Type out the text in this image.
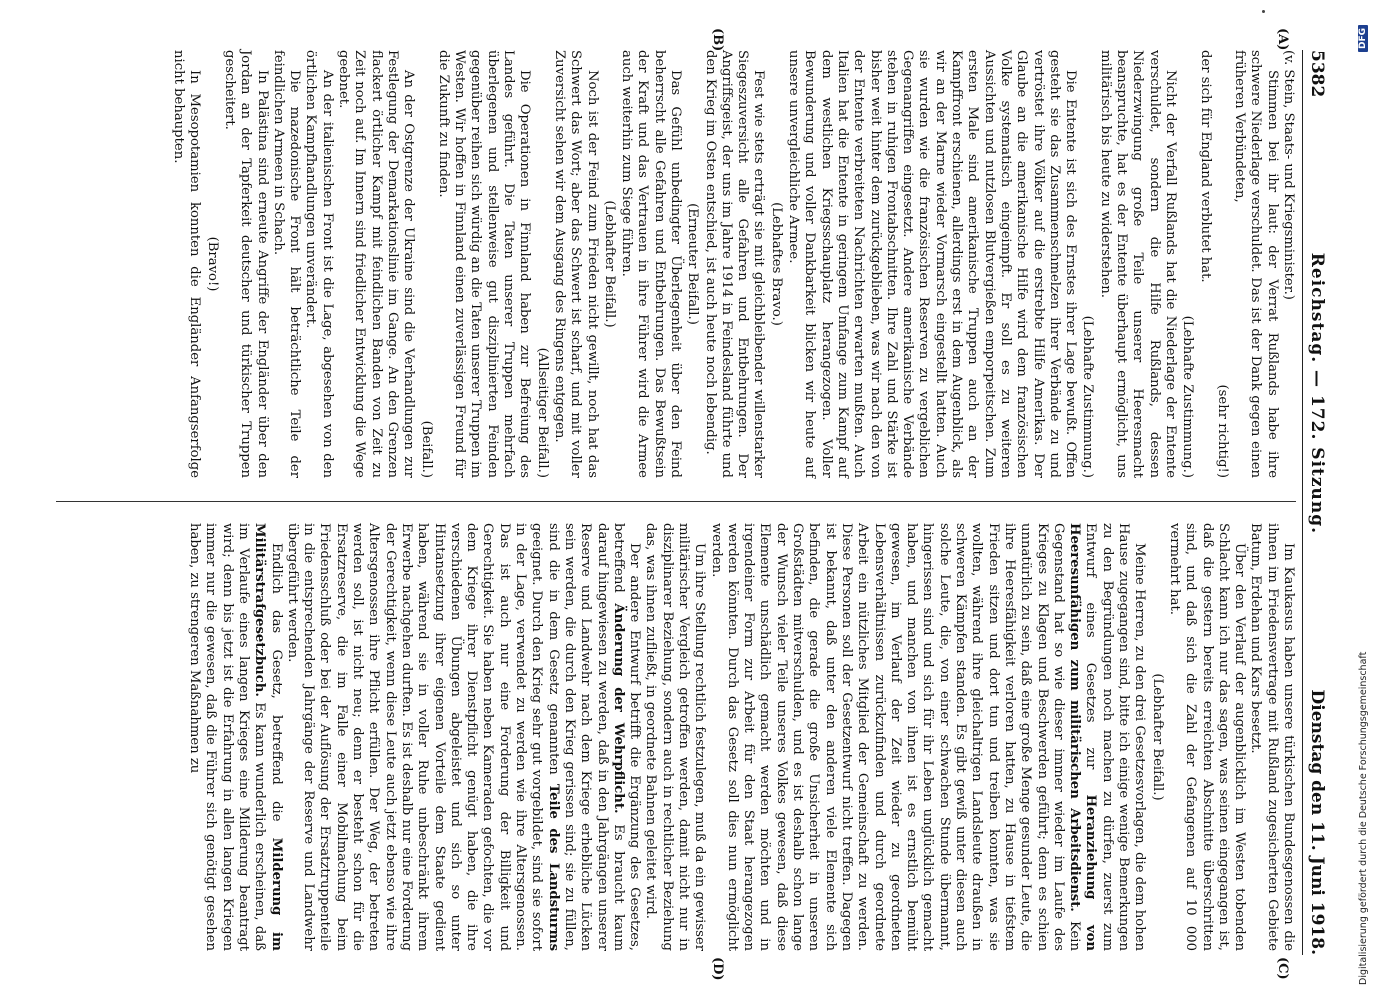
5382
Reichstag. — 172. Sitzung.
Dienstag den 11. Juni 1918.
(A)
(B)
(C)
(D)

(v. Stein, Staats- und Kriegsminister.)

Stimmen bei ihr laut: der Verrat Rußlands habe ihre schwere Niederlage verschuldet. Das ist der Dank gegen einen früheren Verbündeten,

(sehr richtig!)

der sich für England verblutet hat.

(Lebhafte Zustimmung.)

Nicht der Verfall Rußlands hat die Niederlage der Entente verschuldet, sondern die Hilfe Rußlands, dessen Niederzwingung große Teile unserer Heeresmacht beanspruchte, hat es der Entente überhaupt ermöglicht, uns militärisch bis heute zu widerstehen.

(Lebhafte Zustimmung.)

Die Entente ist sich des Ernstes ihrer Lage bewußt. Offen gesteht sie das Zusammenschmelzen ihrer Verbände zu und vertröstet ihre Völker auf die erstrebte Hilfe Amerikas. Der Glaube an die amerikanische Hilfe wird dem französischen Volke systematisch eingeimpft. Er soll es zu weiteren Aussichten und nutzlosen Blutvergießen emporpeitschen. Zum ersten Male sind amerikanische Truppen auch an der Kampffront erschienen, allerdings erst in dem Augenblick, als wir an der Marne wieder Vormarsch eingestellt hatten. Auch sie wurden wie die französischen Reserven zu vergeblichen Gegenangriffen eingesetzt. Andere amerikanische Verbände stehen in ruhigen Frontabschnitten. Ihre Zahl und Stärke ist bisher weit hinter dem zurückgeblieben, was wir nach den von der Entente verbreiteten Nachrichten erwarten mußten. Auch Italien hat die Entente in geringem Umfange zum Kampf auf dem westlichen Kriegsschauplatz herangezogen. Voller Bewunderung und voller Dankbarkeit blicken wir heute auf unsere unvergleichliche Armee.

(Lebhaftes Bravo.)

Fest wie stets erträgt sie mit gleichbleibender willenstarker Siegeszuversicht alle Gefahren und Entbehrungen. Der Angriffsgeist, der uns im Jahre 1914 in Feindesland führte und den Krieg im Osten entschied, ist auch heute noch lebendig.

(Erneuter Beifall.)

Das Gefühl unbedingter Überlegenheit über den Feind beherrscht alle Gefahren und Entbehrungen. Das Bewußtsein der Kraft und das Vertrauen in ihre Führer wird die Armee auch weiterhin zum Siege führen.

(Lebhafter Beifall.)

Noch ist der Feind zum Frieden nicht gewillt, noch hat das Schwert das Wort; aber das Schwert ist scharf, und mit voller Zuversicht sehen wir dem Ausgang des Ringens entgegen.

(Allseitiger Beifall.)

Die Operationen in Finnland haben zur Befreiung des Landes geführt. Die Taten unserer Truppen mehrfach überlegenen und stellenweise gut disziplinierten Feinden gegenüber reihen sich würdig an die Taten unserer Truppen im Westen. Wir hoffen in Finnland einen zuverlässigen Freund für die Zukunft zu finden.

(Beifall.)

An der Ostgrenze der Ukraine sind die Verhandlungen zur Festlegung der Demarkationslinie im Gange. An den Grenzen flackert örtlicher Kampf mit feindlichen Banden von Zeit zu Zeit noch auf. Im Innern sind friedlicher Entwicklung die Wege geebnet.

An der italienischen Front ist die Lage, abgesehen von den örtlichen Kampfhandlungen unverändert.

Die mazedonische Front hält beträchtliche Teile der feindlichen Armeen in Schach.

In Palästina sind erneute Angriffe der Engländer über den Jordan an der Tapferkeit deutscher und türkischer Truppen gescheitert.

(Bravo!)

In Mesopotamien konnten die Engländer Anfangserfolge nicht behaupten.

Im Kaukasus haben unsere türkischen Bundesgenossen die ihnen im Friedensvertrage mit Rußland zugesicherten Gebiete Batum, Erdehan und Kars besetzt.

Über den Verlauf der augenblicklich im Westen tobenden Schlacht kann ich nur das sagen, was seinen eingegangen ist, daß die gestern bereits erreichten Abschnitte überschritten sind, und daß sich die Zahl der Gefangenen auf 10 000 vermehrt hat.

(Lebhafter Beifall.)

Meine Herren, zu den drei Gesetzesvorlagen, die dem hohen Hause zugegangen sind, bitte ich einige wenige Bemerkungen zu den Begründungen noch machen zu dürfen, zuerst zum Entwurf eines Gesetzes zur Heranziehung von Heeresunfähigen zum militärischen Arbeitsdienst. Kein Gegenstand hat so wie dieser immer wieder im Laufe des Krieges zu Klagen und Beschwerden geführt; denn es schien unnatürlich zu sein, daß eine große Menge gesunder Leute, die ihre Heeresfähigkeit verloren hatten, zu Hause in tiefstem Frieden sitzen und dort tun und treiben konnten, was sie wollten, während ihre gleichaltrigen Landsleute draußen in schweren Kämpfen standen. Es gibt gewiß unter diesen auch solche Leute, die, von einer schwachen Stunde übermannt, hingerissen sind und sich für ihr Leben unglücklich gemacht haben, und manchen von ihnen ist es ernstlich bemüht gewesen, im Verlauf der Zeit wieder zu geordneten Lebensverhältnissen zurückzufinden und durch geordnete Arbeit ein nützliches Mitglied der Gemeinschaft zu werden. Diese Personen soll der Gesetzentwurf nicht treffen. Dagegen ist bekannt, daß unter den anderen viele Elemente sich befinden, die gerade die große Unsicherheit in unseren Großstädten mitverschulden, und es ist deshalb schon lange der Wunsch vieler Teile unseres Volkes gewesen, daß diese Elemente unschädlich gemacht werden möchten und in irgendeiner Form zur Arbeit für den Staat herangezogen werden könnten. Durch das Gesetz soll dies nun ermöglicht werden.

Um ihre Stellung rechtlich festzulegen, muß da ein gewisser militärischer Vergleich getroffen werden, damit nicht nur in disziplinarer Beziehung, sondern auch in rechtlicher Beziehung das, was ihnen zufließt, in geordnete Bahnen geleitet wird.

Der andere Entwurf betrifft die Ergänzung des Gesetzes, betreffend Änderung der Wehrpflicht. Es braucht kaum darauf hingewiesen zu werden, daß in den Jahrgängen unserer Reserve und Landwehr nach dem Kriege erhebliche Lücken sein werden, die durch den Krieg gerissen sind; sie zu füllen, sind die in dem Gesetz genannten Teile des Landsturms geeignet. Durch den Krieg sehr gut vorgebildet, sind sie sofort in der Lage, verwendet zu werden wie ihre Altersgenossen. Das ist auch nur eine Forderung der Billigkeit und Gerechtigkeit. Sie haben neben Kameraden gefochten, die vor dem Kriege ihrer Dienstpflicht genügt haben, die ihre verschiedenen Übungen abgeleistet und sich so unter Hintansetzung ihrer eigenen Vorteile dem Staate gedient haben, während sie in voller Ruhe unbeschränkt ihrem Erwerbe nachgehen durften. Es ist deshalb nur eine Forderung der Gerechtigkeit, wenn diese Leute auch jetzt ebenso wie ihre Altersgenossen ihre Pflicht erfüllen. Der Weg, der betreten werden soll, ist nicht neu; denn er besteht schon für die Ersatzreserve, die im Falle einer Mobilmachung beim Friedensschluß oder bei der Auflösung der Ersatztruppenteile in die entsprechenden Jahrgänge der Reserve und Landwehr übergeführt werden.

Endlich das Gesetz, betreffend die Milderung im Militärstrafgesetzbuch. Es kann wunderlich erscheinen, daß im Verlaufe eines langen Krieges eine Milderung beantragt wird; denn bis jetzt ist die Erfahrung in allen langen Kriegen immer nur die gewesen, daß die Führer sich genötigt gesehen haben, zu strengeren Maßnahmen zu

Digitalisierung gefördert durch die Deutsche Forschungsgemeinschaft
DFG
